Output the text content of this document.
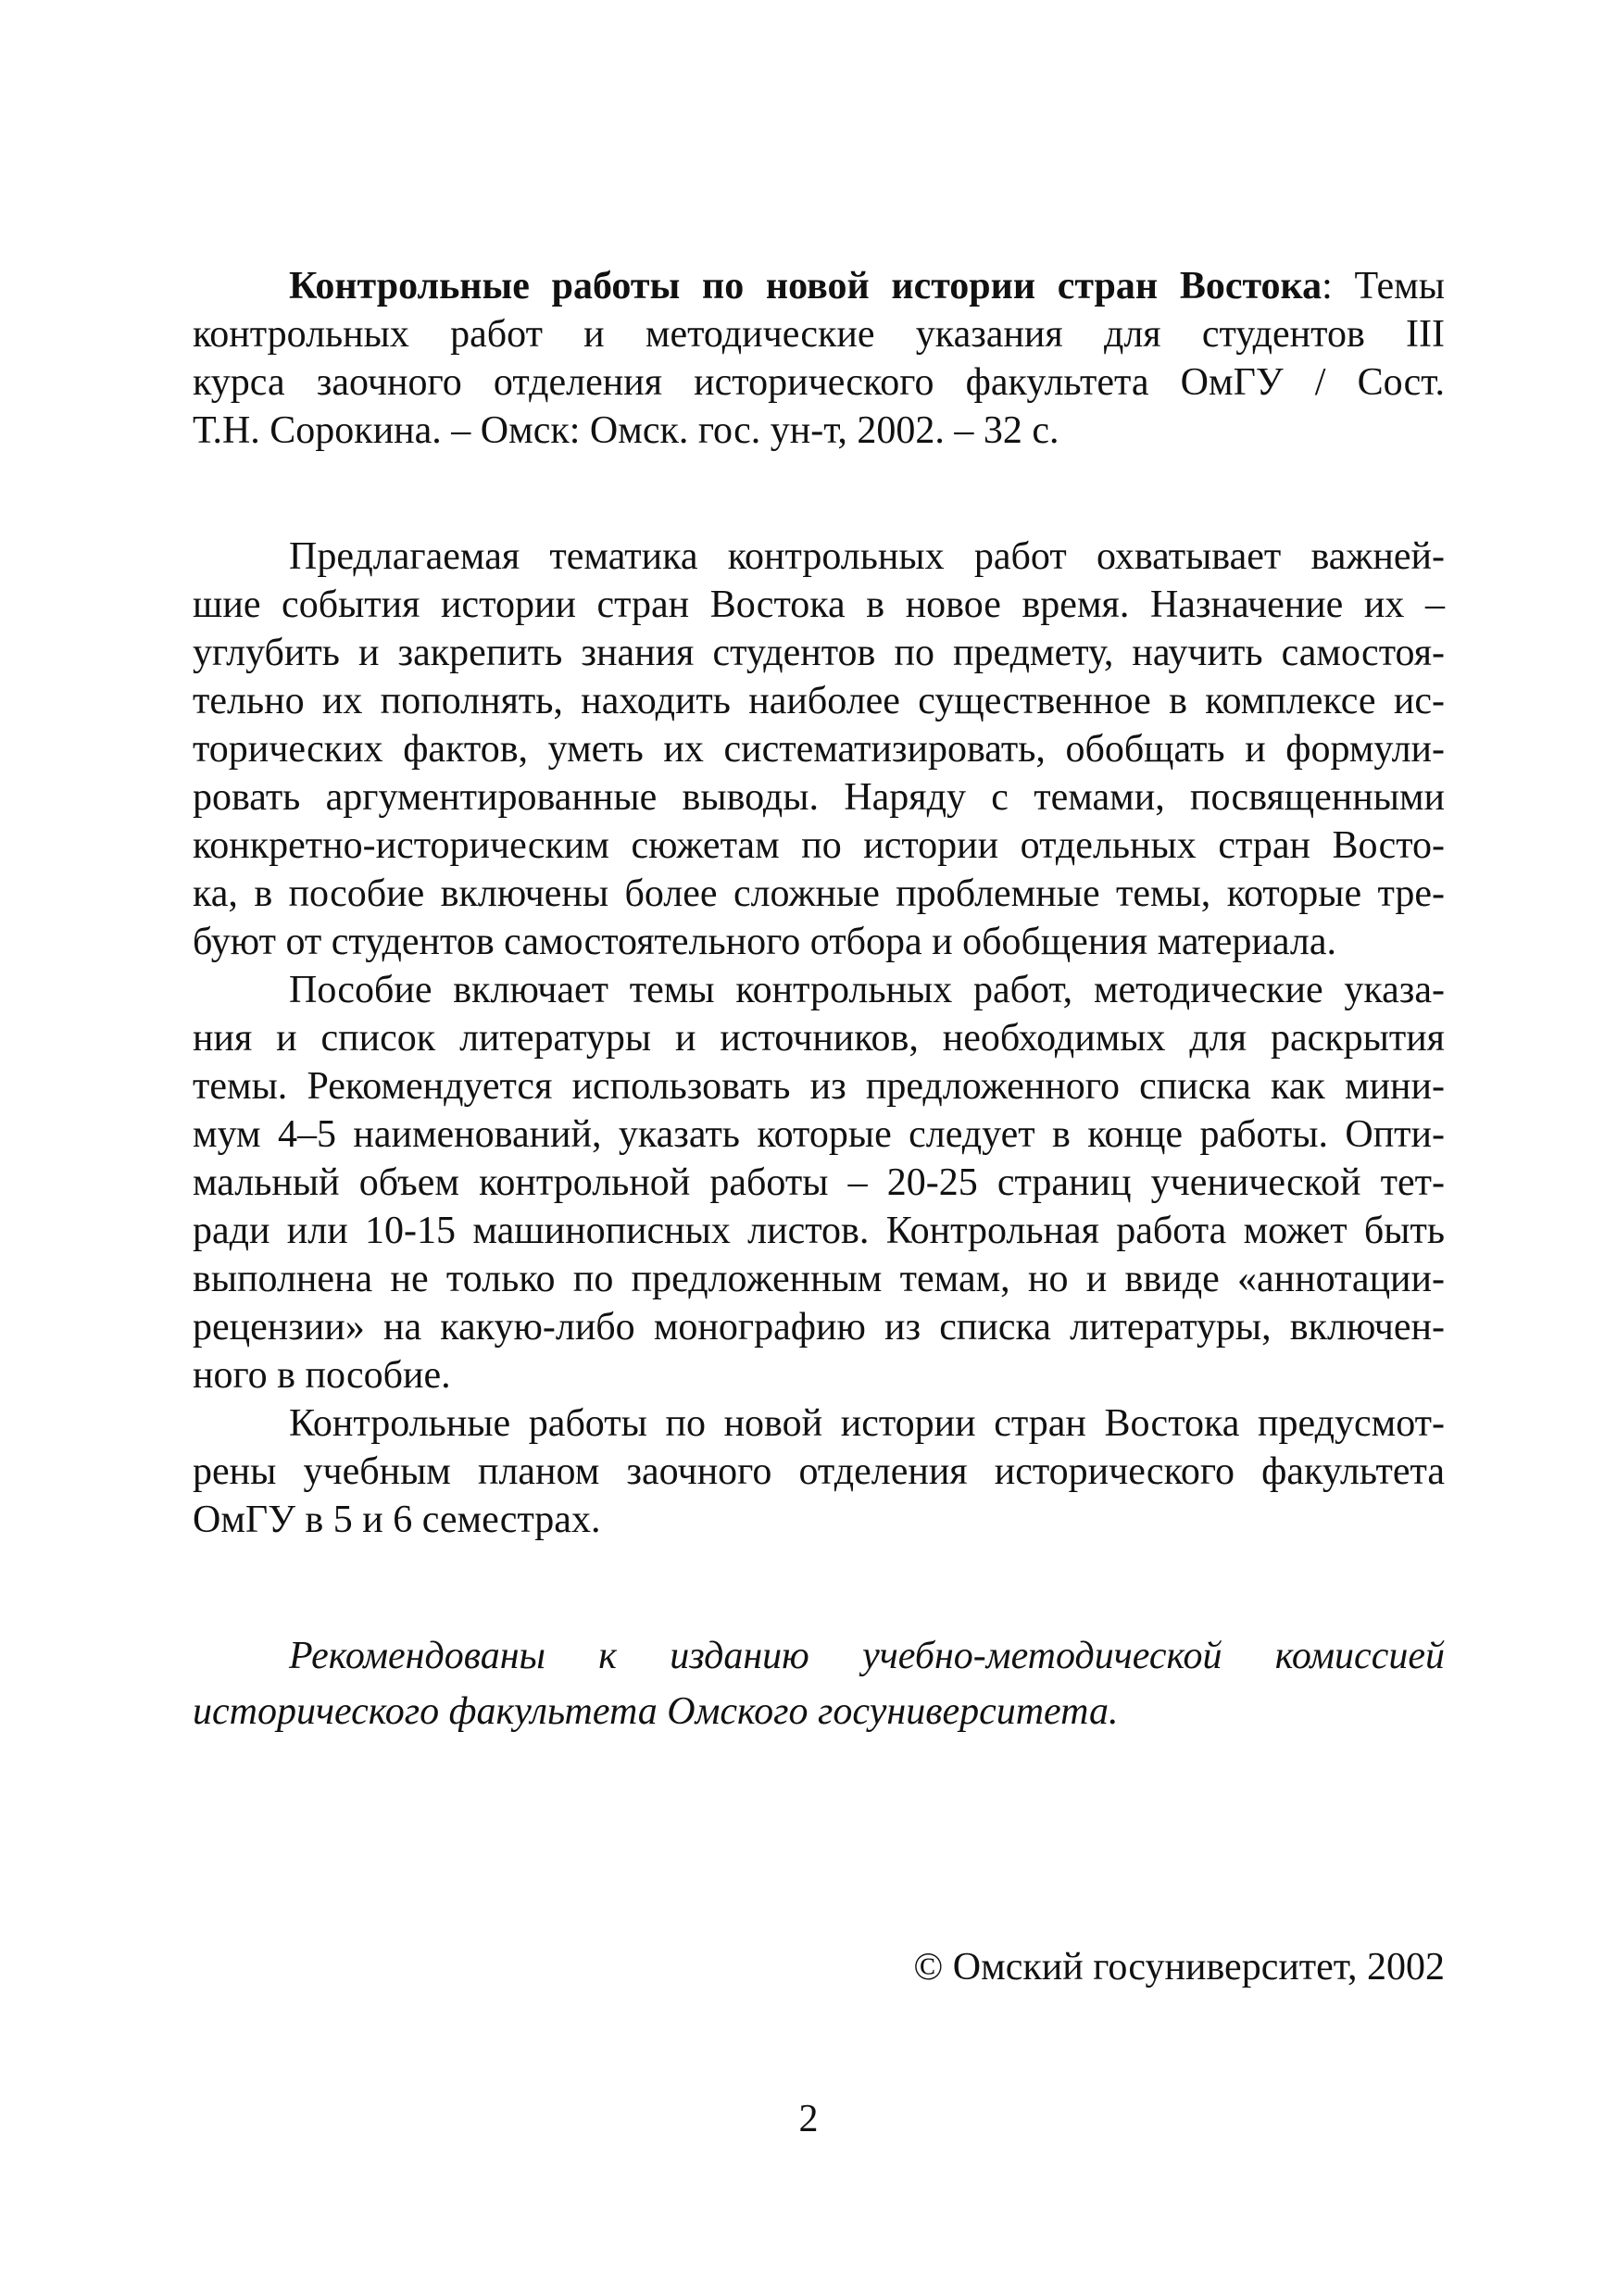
Контрольные работы по новой истории стран Востока: Темы
контрольных работ и методические указания для студентов III
курса заочного отделения исторического факультета ОмГУ / Сост.
Т.Н. Сорокина. – Омск: Омск. гос. ун-т, 2002. – 32 с.
Предлагаемая тематика контрольных работ охватывает важней-
шие события истории стран Востока в новое время. Назначение их –
углубить и закрепить знания студентов по предмету, научить самостоя-
тельно их пополнять, находить наиболее существенное в комплексе ис-
торических фактов, уметь их систематизировать, обобщать и формули-
ровать аргументированные выводы. Наряду с темами, посвященными
конкретно-историческим сюжетам по истории отдельных стран Восто-
ка, в пособие включены более сложные проблемные темы, которые тре-
буют от студентов самостоятельного отбора и обобщения материала.
Пособие включает темы контрольных работ, методические указа-
ния и список литературы и источников, необходимых для раскрытия
темы. Рекомендуется использовать из предложенного списка как мини-
мум 4–5 наименований, указать которые следует в конце работы. Опти-
мальный объем контрольной работы – 20-25 страниц ученической тет-
ради или 10-15 машинописных листов. Контрольная работа может быть
выполнена не только по предложенным темам, но и ввиде «аннотации-
рецензии» на какую-либо монографию из списка литературы, включен-
ного в пособие.
Контрольные работы по новой истории стран Востока предусмот-
рены учебным планом заочного отделения исторического факультета
ОмГУ в 5 и 6 семестрах.
Рекомендованы к изданию учебно-методической комиссией
исторического факультета Омского госуниверситета.
© Омский госуниверситет, 2002
2
